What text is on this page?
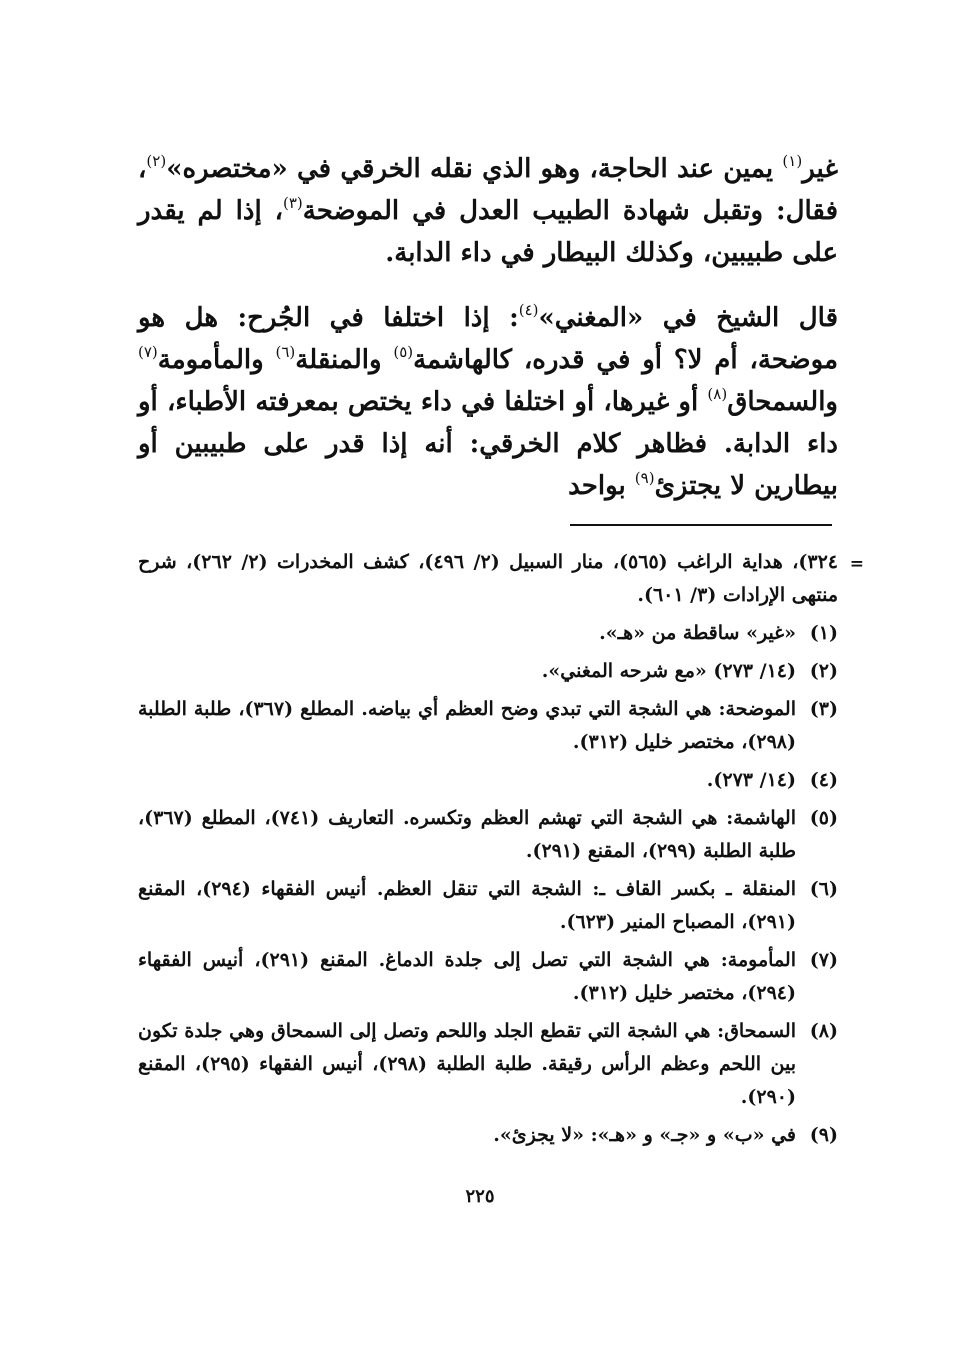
غير$^{(١)}$ يمين عند الحاجة، وهو الذي نقله الخرقي في «مختصره»$^{(٢)}$، فقال: وتقبل شهادة الطبيب العدل في الموضحة$^{(٣)}$، إذا لم يقدر على طبيبين، وكذلك البيطار في داء الدابة.

قال الشيخ في «المغني»$^{(٤)}$: إذا اختلفا في الجُرح: هل هو موضحة، أم لا؟ أو في قدره، كالهاشمة$^{(٥)}$ والمنقلة$^{(٦)}$ والمأمومة$^{(٧)}$ والسمحاق$^{(٨)}$ أو غيرها، أو اختلفا في داء يختص بمعرفته الأطباء، أو داء الدابة. فظاهر كلام الخرقي: أنه إذا قدر على طبيبين أو بيطارين لا يجتزئ$^{(٩)}$ بواحد

=
٣٢٤)، هداية الراغب (٥٦٥)، منار السبيل (٢/ ٤٩٦)، كشف المخدرات (٢/ ٢٦٢)، شرح منتهى الإرادات (٣/ ٦٠١).
(١)
«غير» ساقطة من «هـ».
(٢)
(١٤/ ٢٧٣) «مع شرحه المغني».
(٣)
الموضحة: هي الشجة التي تبدي وضح العظم أي بياضه. المطلع (٣٦٧)، طلبة الطلبة (٢٩٨)، مختصر خليل (٣١٢).
(٤)
(١٤/ ٢٧٣).
(٥)
الهاشمة: هي الشجة التي تهشم العظم وتكسره. التعاريف (٧٤١)، المطلع (٣٦٧)، طلبة الطلبة (٢٩٩)، المقنع (٢٩١).
(٦)
المنقلة ـ بكسر القاف ـ: الشجة التي تنقل العظم. أنيس الفقهاء (٢٩٤)، المقنع (٢٩١)، المصباح المنير (٦٢٣).
(٧)
المأمومة: هي الشجة التي تصل إلى جلدة الدماغ. المقنع (٢٩١)، أنيس الفقهاء (٢٩٤)، مختصر خليل (٣١٢).
(٨)
السمحاق: هي الشجة التي تقطع الجلد واللحم وتصل إلى السمحاق وهي جلدة تكون بين اللحم وعظم الرأس رقيقة. طلبة الطلبة (٢٩٨)، أنيس الفقهاء (٢٩٥)، المقنع (٢٩٠).
(٩)
في «ب» و «جـ» و «هـ»: «لا يجزئ».
٢٢٥
